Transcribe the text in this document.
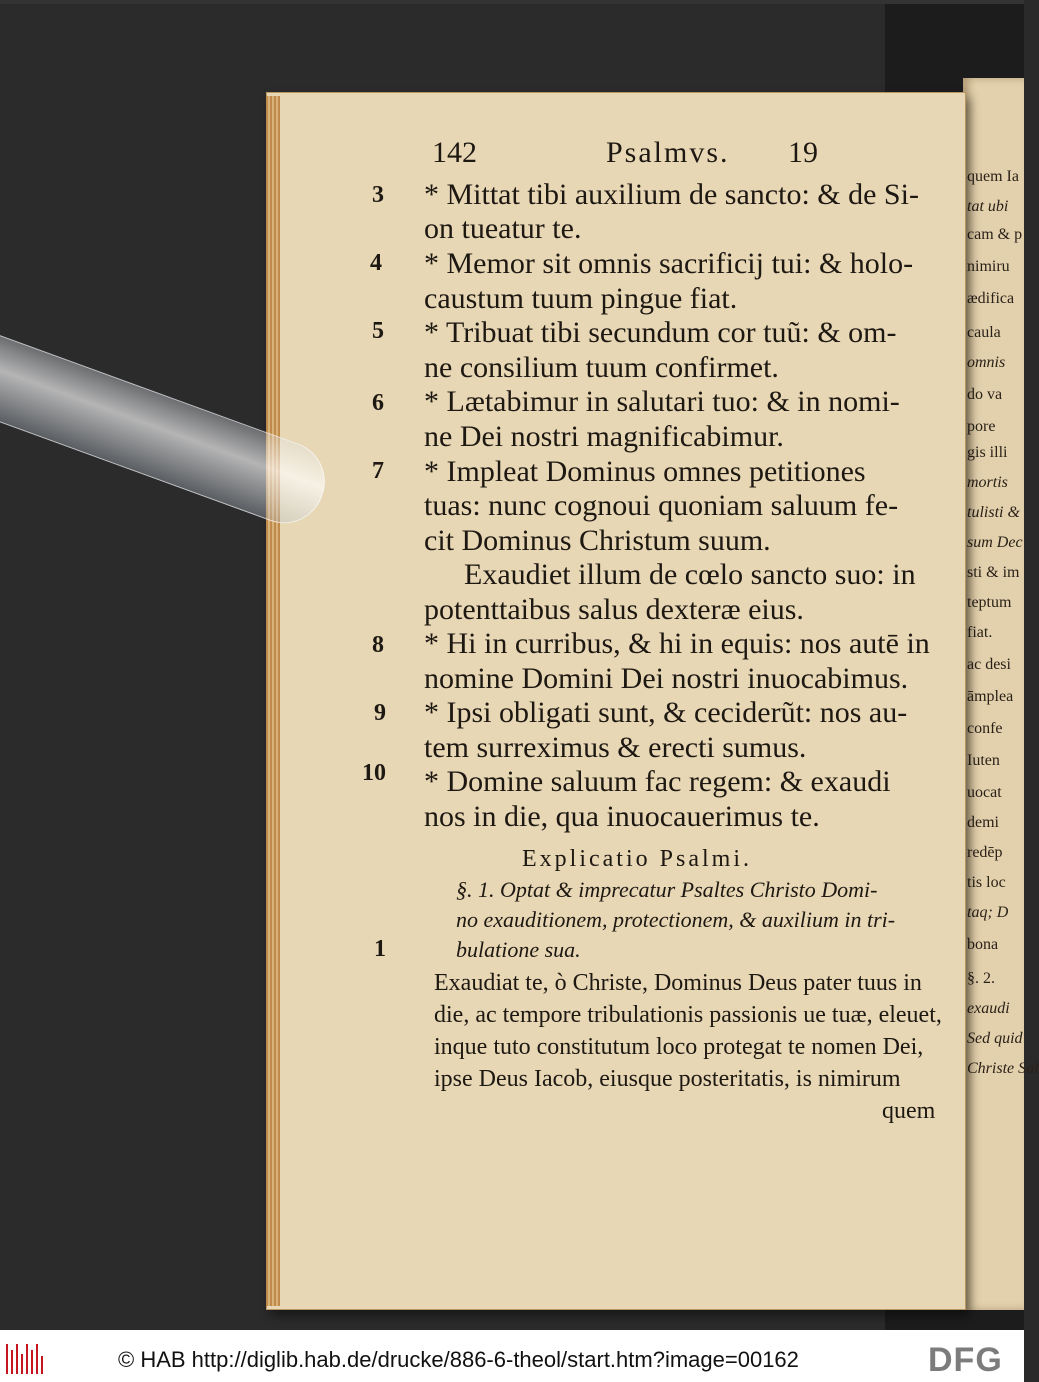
quem Ia
tat ubi
cam & p
nimiru
ædifica
caula
omnis
do va
pore
gis illi
mortis
tulisti &
sum Dec
sti & im
teptum
fiat.
ac desi
āmplea
confe
Iuten
uocat
demi
redēp
tis loc
taq; D
bona
§. 2.
exaudi
Sed quid
Christe Sal
142	Psalmvs. 19
3
4
5
6
7
8
9
10
1
* Mittat tibi auxilium de sancto: & de Si-
on tueatur te.
* Memor sit omnis sacrificij tui: & holo-
caustum tuum pingue fiat.
* Tribuat tibi secundum cor tuũ: & om-
ne consilium tuum confirmet.
* Lætabimur in salutari tuo: & in nomi-
ne Dei nostri magnificabimur.
* Impleat Dominus omnes petitiones
tuas: nunc cognoui quoniam saluum fe-
cit Dominus Christum suum.
Exaudiet illum de cœlo sancto suo: in
potenttaibus salus dexteræ eius.
* Hi in curribus, & hi in equis: nos autē in
nomine Domini Dei nostri inuocabimus.
* Ipsi obligati sunt, & ceciderũt: nos au-
tem surreximus & erecti sumus.
* Domine saluum fac regem: & exaudi
nos in die, qua inuocauerimus te.
Explicatio Psalmi.
§. 1. Optat & imprecatur Psaltes Christo Domi-
no exauditionem, protectionem, & auxilium in tri-
bulatione sua.
Exaudiat te, ò Christe, Dominus Deus pater tuus in
die, ac tempore tribulationis passionis ue tuæ, eleuet,
inque tuto constitutum loco protegat te nomen Dei,
ipse Deus Iacob, eiusque posteritatis, is nimirum
quem
© HAB http://diglib.hab.de/drucke/886-6-theol/start.htm?image=00162	DFG
